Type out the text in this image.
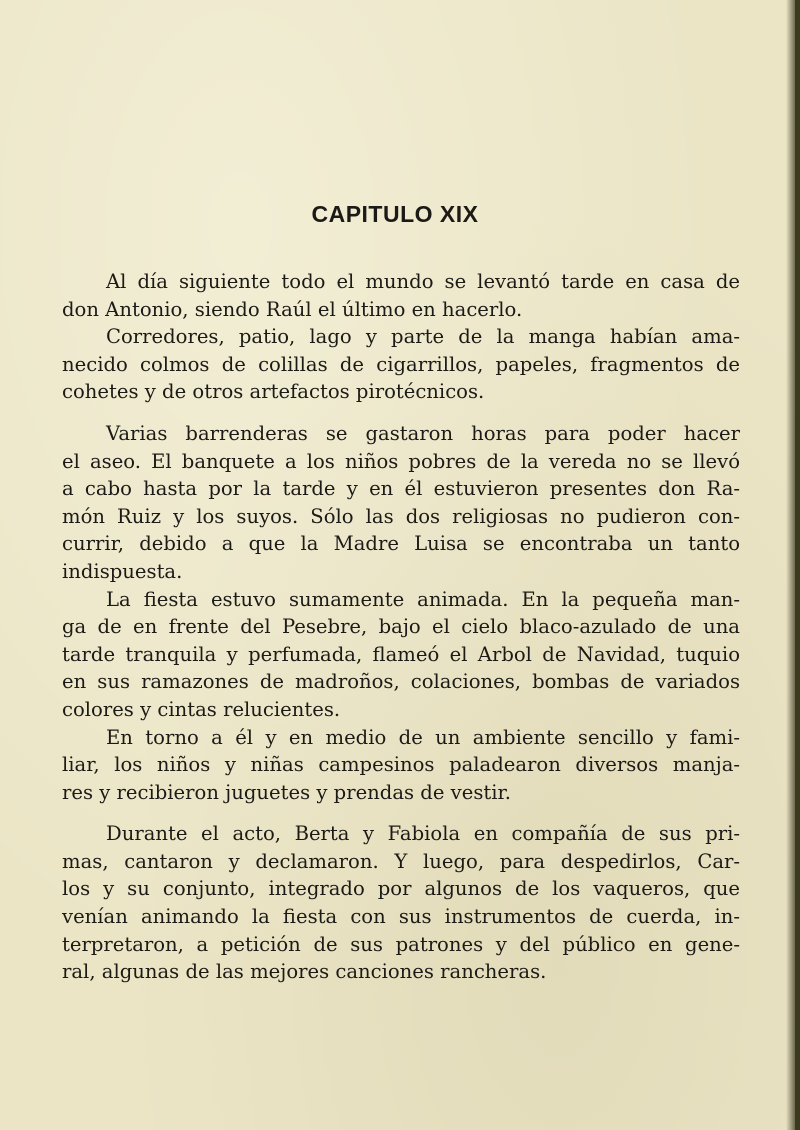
CAPITULO XIX
Al día siguiente todo el mundo se levantó tarde en casa de
don Antonio, siendo Raúl el último en hacerlo.
Corredores, patio, lago y parte de la manga habían ama-
necido colmos de colillas de cigarrillos, papeles, fragmentos de
cohetes y de otros artefactos pirotécnicos.
Varias barrenderas se gastaron horas para poder hacer
el aseo. El banquete a los niños pobres de la vereda no se llevó
a cabo hasta por la tarde y en él estuvieron presentes don Ra-
món Ruiz y los suyos. Sólo las dos religiosas no pudieron con-
currir, debido a que la Madre Luisa se encontraba un tanto
indispuesta.
La fiesta estuvo sumamente animada. En la pequeña man-
ga de en frente del Pesebre, bajo el cielo blaco-azulado de una
tarde tranquila y perfumada, flameó el Arbol de Navidad, tuquio
en sus ramazones de madroños, colaciones, bombas de variados
colores y cintas relucientes.
En torno a él y en medio de un ambiente sencillo y fami-
liar, los niños y niñas campesinos paladearon diversos manja-
res y recibieron juguetes y prendas de vestir.
Durante el acto, Berta y Fabiola en compañía de sus pri-
mas, cantaron y declamaron. Y luego, para despedirlos, Car-
los y su conjunto, integrado por algunos de los vaqueros, que
venían animando la fiesta con sus instrumentos de cuerda, in-
terpretaron, a petición de sus patrones y del público en gene-
ral, algunas de las mejores canciones rancheras.
